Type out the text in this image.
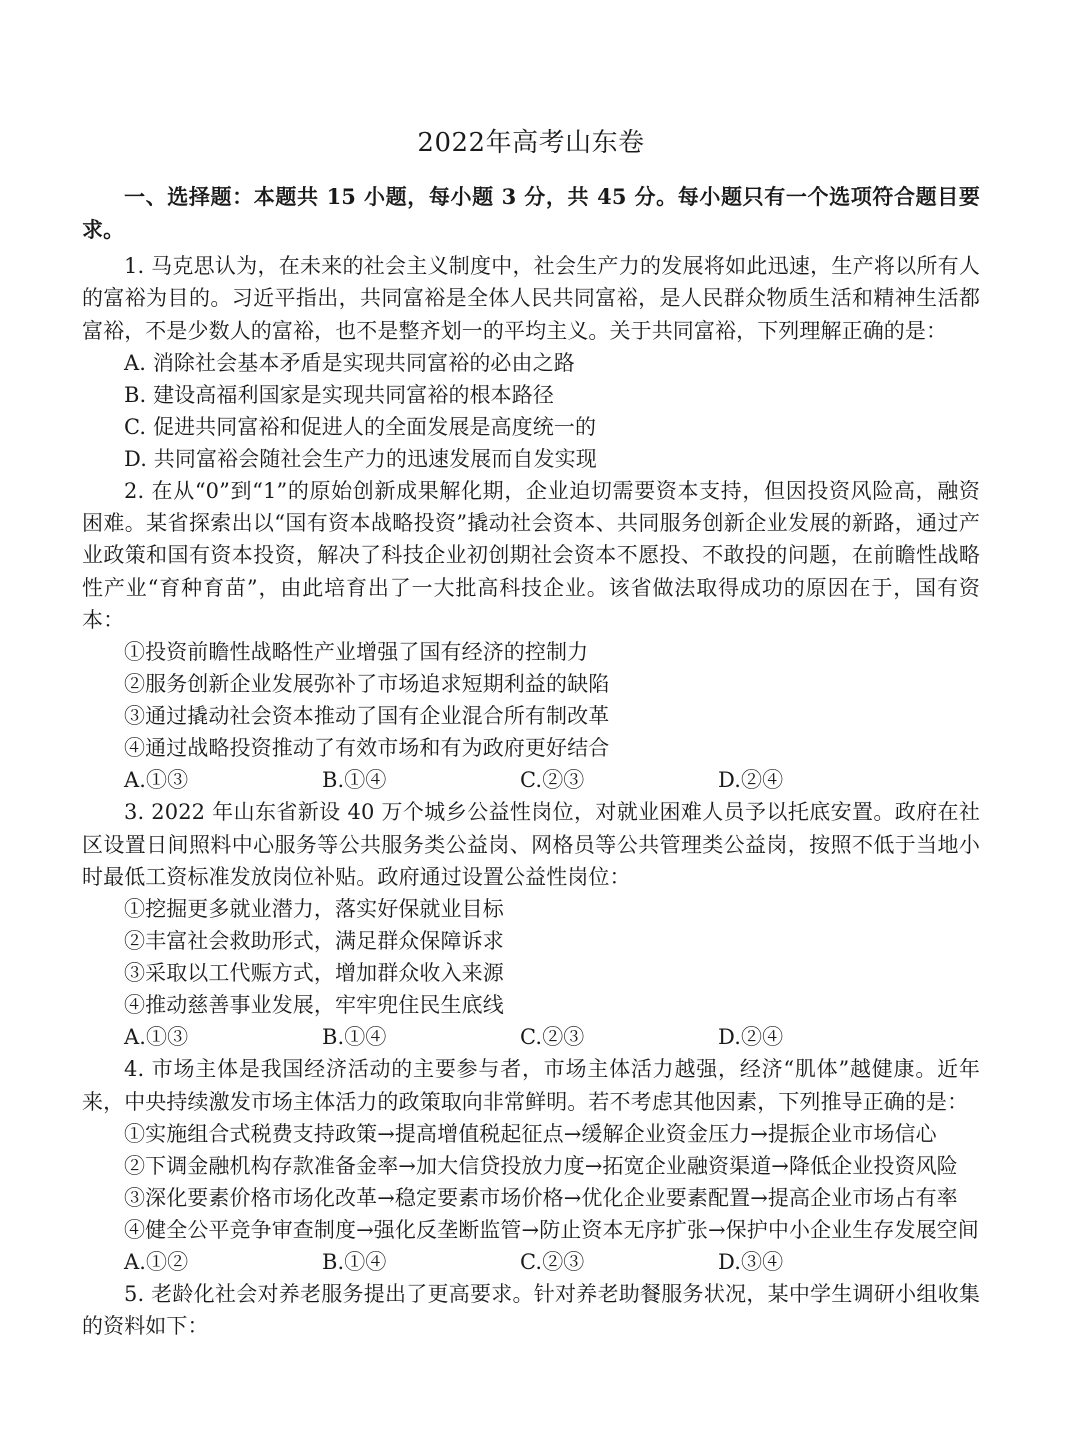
2022年高考山东卷

一、选择题：本题共 15 小题，每小题 3 分，共 45 分。每小题只有一个选项符合题目要求。

1. 马克思认为，在未来的社会主义制度中，社会生产力的发展将如此迅速，生产将以所有人的富裕为目的。习近平指出，共同富裕是全体人民共同富裕，是人民群众物质生活和精神生活都富裕，不是少数人的富裕，也不是整齐划一的平均主义。关于共同富裕，下列理解正确的是：

A. 消除社会基本矛盾是实现共同富裕的必由之路

B. 建设高福利国家是实现共同富裕的根本路径

C. 促进共同富裕和促进人的全面发展是高度统一的

D. 共同富裕会随社会生产力的迅速发展而自发实现

2. 在从“0”到“1”的原始创新成果解化期，企业迫切需要资本支持，但因投资风险高，融资困难。某省探索出以“国有资本战略投资”撬动社会资本、共同服务创新企业发展的新路，通过产业政策和国有资本投资，解决了科技企业初创期社会资本不愿投、不敢投的问题，在前瞻性战略性产业“育种育苗”，由此培育出了一大批高科技企业。该省做法取得成功的原因在于，国有资本：

①投资前瞻性战略性产业增强了国有经济的控制力

②服务创新企业发展弥补了市场追求短期利益的缺陷

③通过撬动社会资本推动了国有企业混合所有制改革

④通过战略投资推动了有效市场和有为政府更好结合

A.①③	B.①④	C.②③	D.②④

3. 2022 年山东省新设 40 万个城乡公益性岗位，对就业困难人员予以托底安置。政府在社区设置日间照料中心服务等公共服务类公益岗、网格员等公共管理类公益岗，按照不低于当地小时最低工资标准发放岗位补贴。政府通过设置公益性岗位：

①挖掘更多就业潜力，落实好保就业目标

②丰富社会救助形式，满足群众保障诉求

③采取以工代赈方式，增加群众收入来源

④推动慈善事业发展，牢牢兜住民生底线

A.①③	B.①④	C.②③	D.②④

4. 市场主体是我国经济活动的主要参与者，市场主体活力越强，经济“肌体”越健康。近年来，中央持续激发市场主体活力的政策取向非常鲜明。若不考虑其他因素，下列推导正确的是：

①实施组合式税费支持政策→提高增值税起征点→缓解企业资金压力→提振企业市场信心

②下调金融机构存款准备金率→加大信贷投放力度→拓宽企业融资渠道→降低企业投资风险

③深化要素价格市场化改革→稳定要素市场价格→优化企业要素配置→提高企业市场占有率

④健全公平竞争审查制度→强化反垄断监管→防止资本无序扩张→保护中小企业生存发展空间

A.①②	B.①④	C.②③	D.③④

5. 老龄化社会对养老服务提出了更高要求。针对养老助餐服务状况，某中学生调研小组收集的资料如下：
